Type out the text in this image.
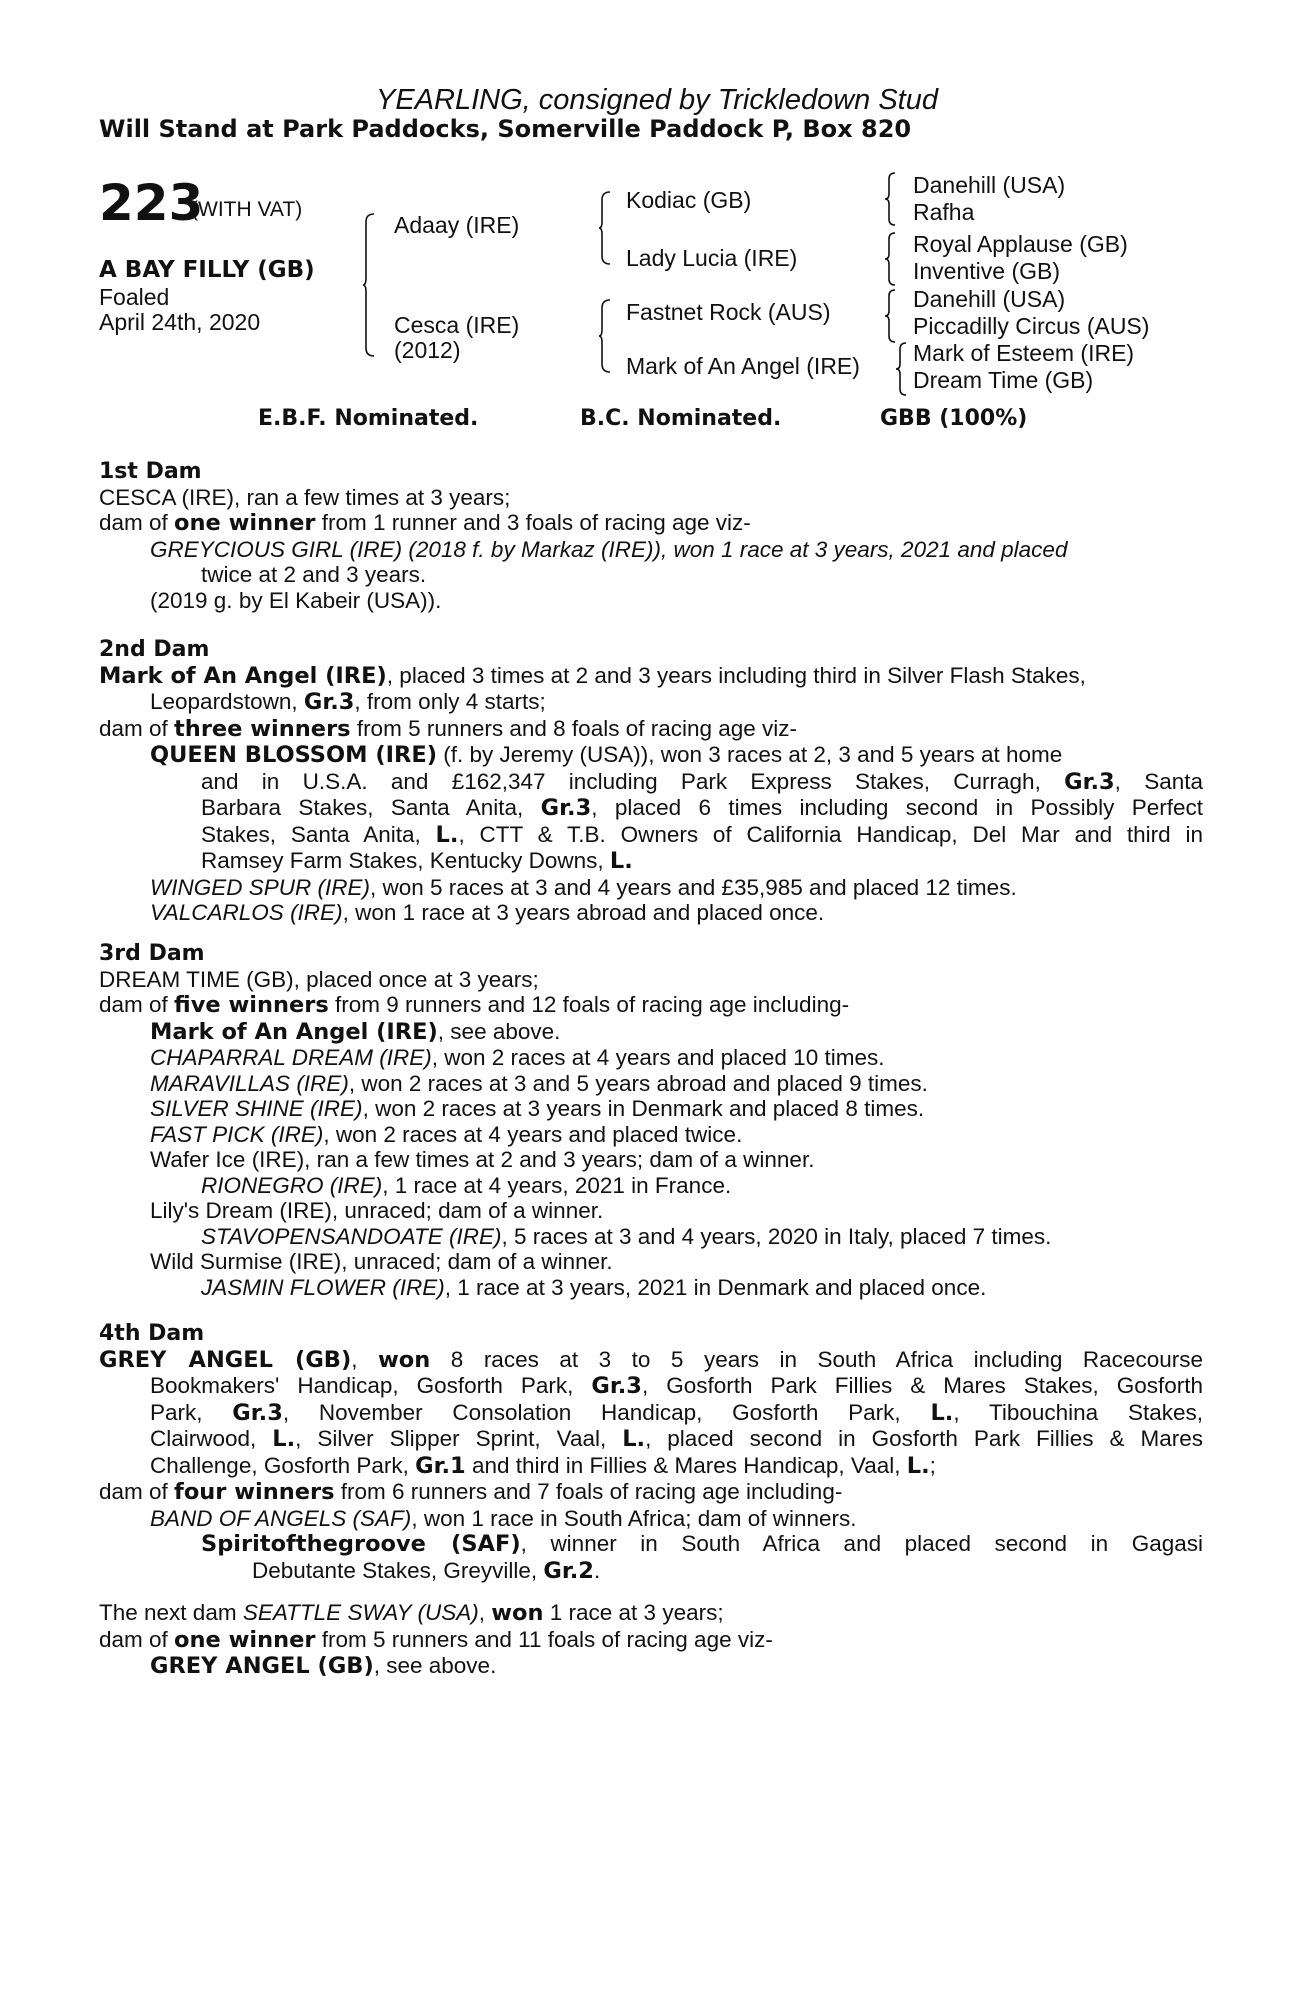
YEARLING, consigned by Trickledown Stud
Will Stand at Park Paddocks, Somerville Paddock P, Box 820
223
(WITH VAT)
A BAY FILLY (GB)
Foaled
April 24th, 2020
Adaay (IRE)
Cesca (IRE)
(2012)
Kodiac (GB)
Lady Lucia (IRE)
Fastnet Rock (AUS)
Mark of An Angel (IRE)
Danehill (USA)
Rafha
Royal Applause (GB)
Inventive (GB)
Danehill (USA)
Piccadilly Circus (AUS)
Mark of Esteem (IRE)
Dream Time (GB)
E.B.F. Nominated.	B.C. Nominated.	GBB (100%)
1st Dam
CESCA (IRE), ran a few times at 3 years;
dam of one winner from 1 runner and 3 foals of racing age viz-
GREYCIOUS GIRL (IRE) (2018 f. by Markaz (IRE)), won 1 race at 3 years, 2021 and placed
twice at 2 and 3 years.
(2019 g. by El Kabeir (USA)).
2nd Dam
Mark of An Angel (IRE), placed 3 times at 2 and 3 years including third in Silver Flash Stakes,
Leopardstown, Gr.3, from only 4 starts;
dam of three winners from 5 runners and 8 foals of racing age viz-
QUEEN BLOSSOM (IRE) (f. by Jeremy (USA)), won 3 races at 2, 3 and 5 years at home
and in U.S.A. and £162,347 including Park Express Stakes, Curragh, Gr.3, Santa
Barbara Stakes, Santa Anita, Gr.3, placed 6 times including second in Possibly Perfect
Stakes, Santa Anita, L., CTT & T.B. Owners of California Handicap, Del Mar and third in
Ramsey Farm Stakes, Kentucky Downs, L.
WINGED SPUR (IRE), won 5 races at 3 and 4 years and £35,985 and placed 12 times.
VALCARLOS (IRE), won 1 race at 3 years abroad and placed once.
3rd Dam
DREAM TIME (GB), placed once at 3 years;
dam of five winners from 9 runners and 12 foals of racing age including-
Mark of An Angel (IRE), see above.
CHAPARRAL DREAM (IRE), won 2 races at 4 years and placed 10 times.
MARAVILLAS (IRE), won 2 races at 3 and 5 years abroad and placed 9 times.
SILVER SHINE (IRE), won 2 races at 3 years in Denmark and placed 8 times.
FAST PICK (IRE), won 2 races at 4 years and placed twice.
Wafer Ice (IRE), ran a few times at 2 and 3 years; dam of a winner.
RIONEGRO (IRE), 1 race at 4 years, 2021 in France.
Lily's Dream (IRE), unraced; dam of a winner.
STAVOPENSANDOATE (IRE), 5 races at 3 and 4 years, 2020 in Italy, placed 7 times.
Wild Surmise (IRE), unraced; dam of a winner.
JASMIN FLOWER (IRE), 1 race at 3 years, 2021 in Denmark and placed once.
4th Dam
GREY ANGEL (GB), won 8 races at 3 to 5 years in South Africa including Racecourse
Bookmakers' Handicap, Gosforth Park, Gr.3, Gosforth Park Fillies & Mares Stakes, Gosforth
Park, Gr.3, November Consolation Handicap, Gosforth Park, L., Tibouchina Stakes,
Clairwood, L., Silver Slipper Sprint, Vaal, L., placed second in Gosforth Park Fillies & Mares
Challenge, Gosforth Park, Gr.1 and third in Fillies & Mares Handicap, Vaal, L.;
dam of four winners from 6 runners and 7 foals of racing age including-
BAND OF ANGELS (SAF), won 1 race in South Africa; dam of winners.
Spiritofthegroove (SAF), winner in South Africa and placed second in Gagasi
Debutante Stakes, Greyville, Gr.2.
The next dam SEATTLE SWAY (USA), won 1 race at 3 years;
dam of one winner from 5 runners and 11 foals of racing age viz-
GREY ANGEL (GB), see above.
